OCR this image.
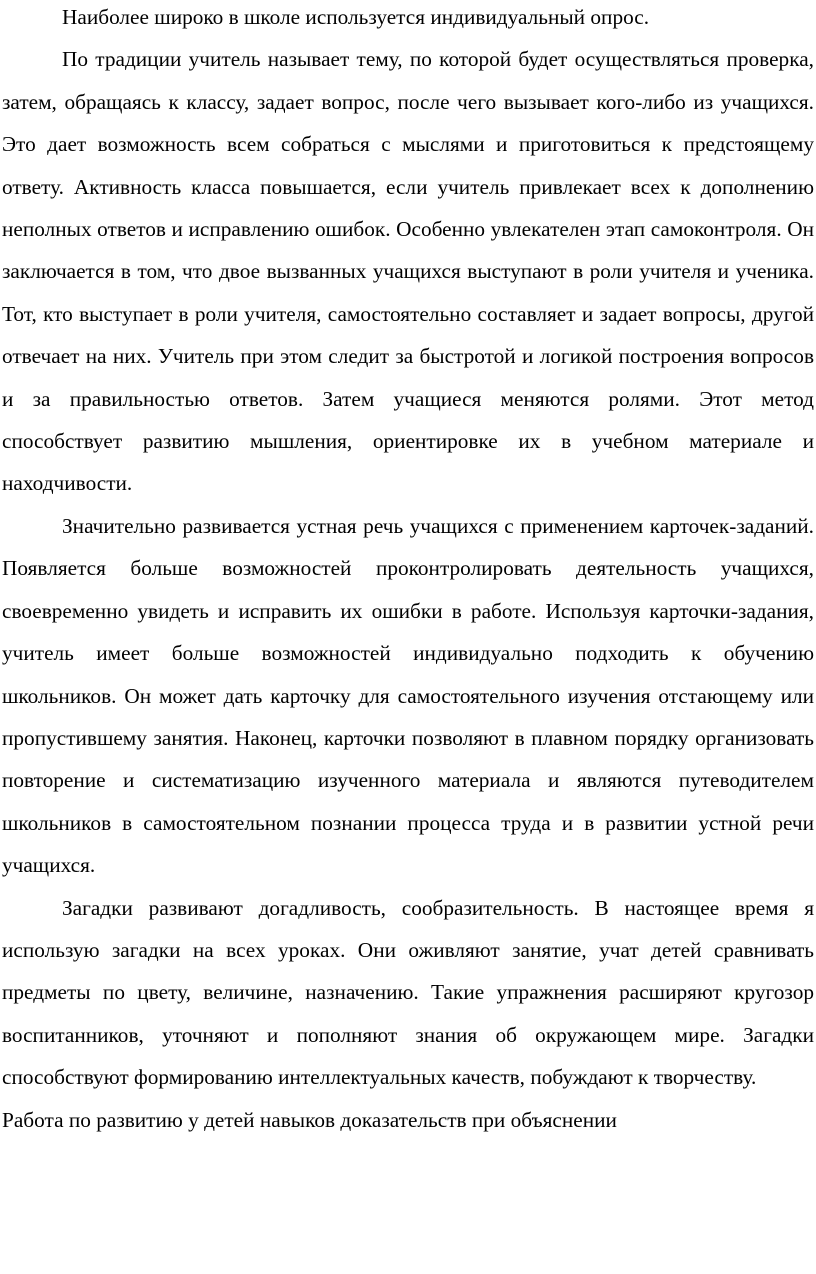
Наиболее широко в школе используется индивидуальный опрос.

По традиции учитель называет тему, по которой будет осуществляться проверка, затем, обращаясь к классу, задает вопрос, после чего вызывает кого-либо из учащихся. Это дает возможность всем собраться с мыслями и приготовиться к предстоящему ответу. Активность класса повышается, если учитель привлекает всех к дополнению неполных ответов и исправлению ошибок. Особенно увлекателен этап самоконтроля. Он заключается в том, что двое вызванных учащихся выступают в роли учителя и ученика. Тот, кто выступает в роли учителя, самостоятельно составляет и задает вопросы, другой отвечает на них. Учитель при этом следит за быстротой и логикой построения вопросов и за правильностью ответов. Затем учащиеся меняются ролями. Этот метод способствует развитию мышления, ориентировке их в учебном материале и находчивости.

Значительно развивается устная речь учащихся с применением карточек-заданий. Появляется больше возможностей проконтролировать деятельность учащихся, своевременно увидеть и исправить их ошибки в работе. Используя карточки-задания, учитель имеет больше возможностей индивидуально подходить к обучению школьников. Он может дать карточку для самостоятельного изучения отстающему или пропустившему занятия. Наконец, карточки позволяют в плавном порядку организовать повторение и систематизацию изученного материала и являются путеводителем школьников в самостоятельном познании процесса труда и в развитии устной речи учащихся.

Загадки развивают догадливость, сообразительность. В настоящее время я использую загадки на всех уроках. Они оживляют занятие, учат детей сравнивать предметы по цвету, величине, назначению. Такие упражнения расширяют кругозор воспитанников, уточняют и пополняют знания об окружающем мире. Загадки способствуют формированию интеллектуальных качеств, побуждают к творчеству.

Работа по развитию у детей навыков доказательств при объяснении
